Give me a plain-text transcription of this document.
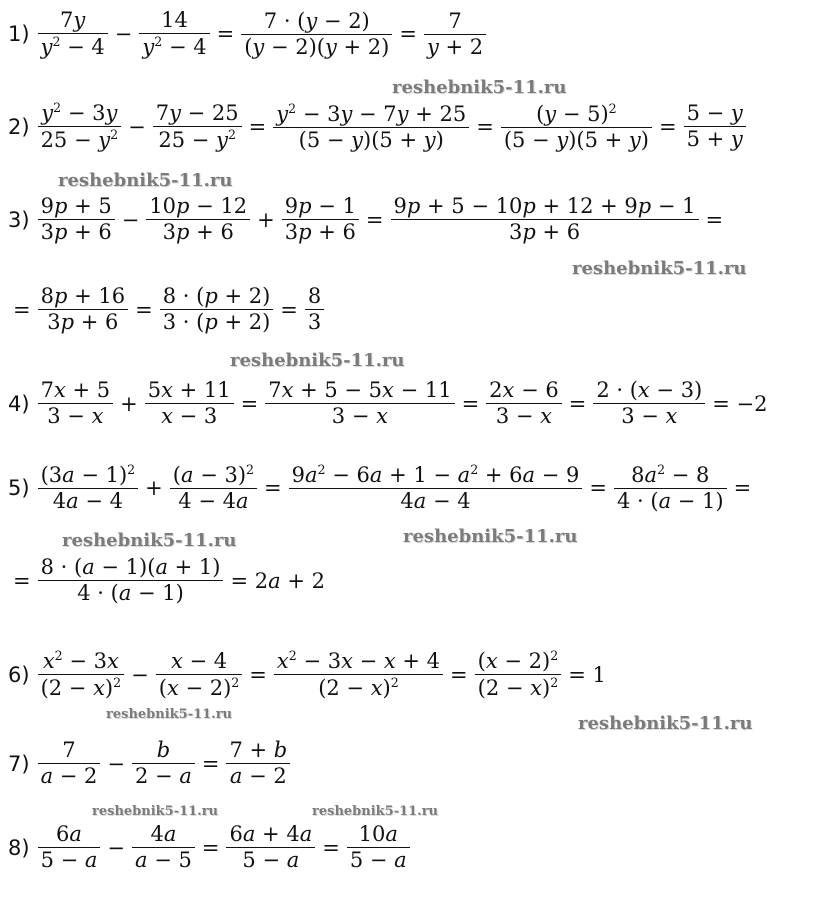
$1) \frac{7y}{y^2 - 4} - \frac{14}{y^2 - 4} = \frac{7 \cdot (y - 2)}{(y - 2)(y + 2)} = \frac{7}{y + 2}$
$2) \frac{y^2 - 3y}{25 - y^2} - \frac{7y - 25}{25 - y^2} = \frac{y^2 - 3y - 7y + 25}{(5 - y)(5 + y)} = \frac{(y - 5)^2}{(5 - y)(5 + y)} = \frac{5 - y}{5 + y}$
$3) \frac{9p + 5}{3p + 6} - \frac{10p - 12}{3p + 6} + \frac{9p - 1}{3p + 6} = \frac{9p + 5 - 10p + 12 + 9p - 1}{3p + 6}$ =
= $\frac{8p + 16}{3p + 6} = \frac{8 \cdot (p + 2)}{3 \cdot (p + 2)} = \frac{8}{3}$
$4) \frac{7x + 5}{3 - x} + \frac{5x + 11}{x - 3} = \frac{7x + 5 - 5x - 11}{3 - x} = \frac{2x - 6}{3 - x} = \frac{2 \cdot (x - 3)}{3 - x} = -2$
$5) \frac{(3a - 1)^2}{4a - 4} + \frac{(a - 3)^2}{4 - 4a} = \frac{9a^2 - 6a + 1 - a^2 + 6a - 9}{4a - 4} = \frac{8a^2 - 8}{4 \cdot (a - 1)}$ =
= $\frac{8 \cdot (a - 1)(a + 1)}{4 \cdot (a - 1)} = 2a + 2$
$6) \frac{x^2 - 3x}{(2 - x)^2} - \frac{x - 4}{(x - 2)^2} = \frac{x^2 - 3x - x + 4}{(2 - x)^2} = \frac{(x - 2)^2}{(2 - x)^2} = 1$
$7) \frac{7}{a - 2} - \frac{b}{2 - a} = \frac{7 + b}{a - 2}$
$8) \frac{6a}{5 - a} - \frac{4a}{a - 5} = \frac{6a + 4a}{5 - a} = \frac{10a}{5 - a}$
reshebnik5-11.ru
reshebnik5-11.ru
reshebnik5-11.ru
reshebnik5-11.ru
reshebnik5-11.ru	reshebnik5-11.ru
reshebnik5-11.ru	reshebnik5-11.ru
reshebnik5-11.ru	reshebnik5-11.ru
